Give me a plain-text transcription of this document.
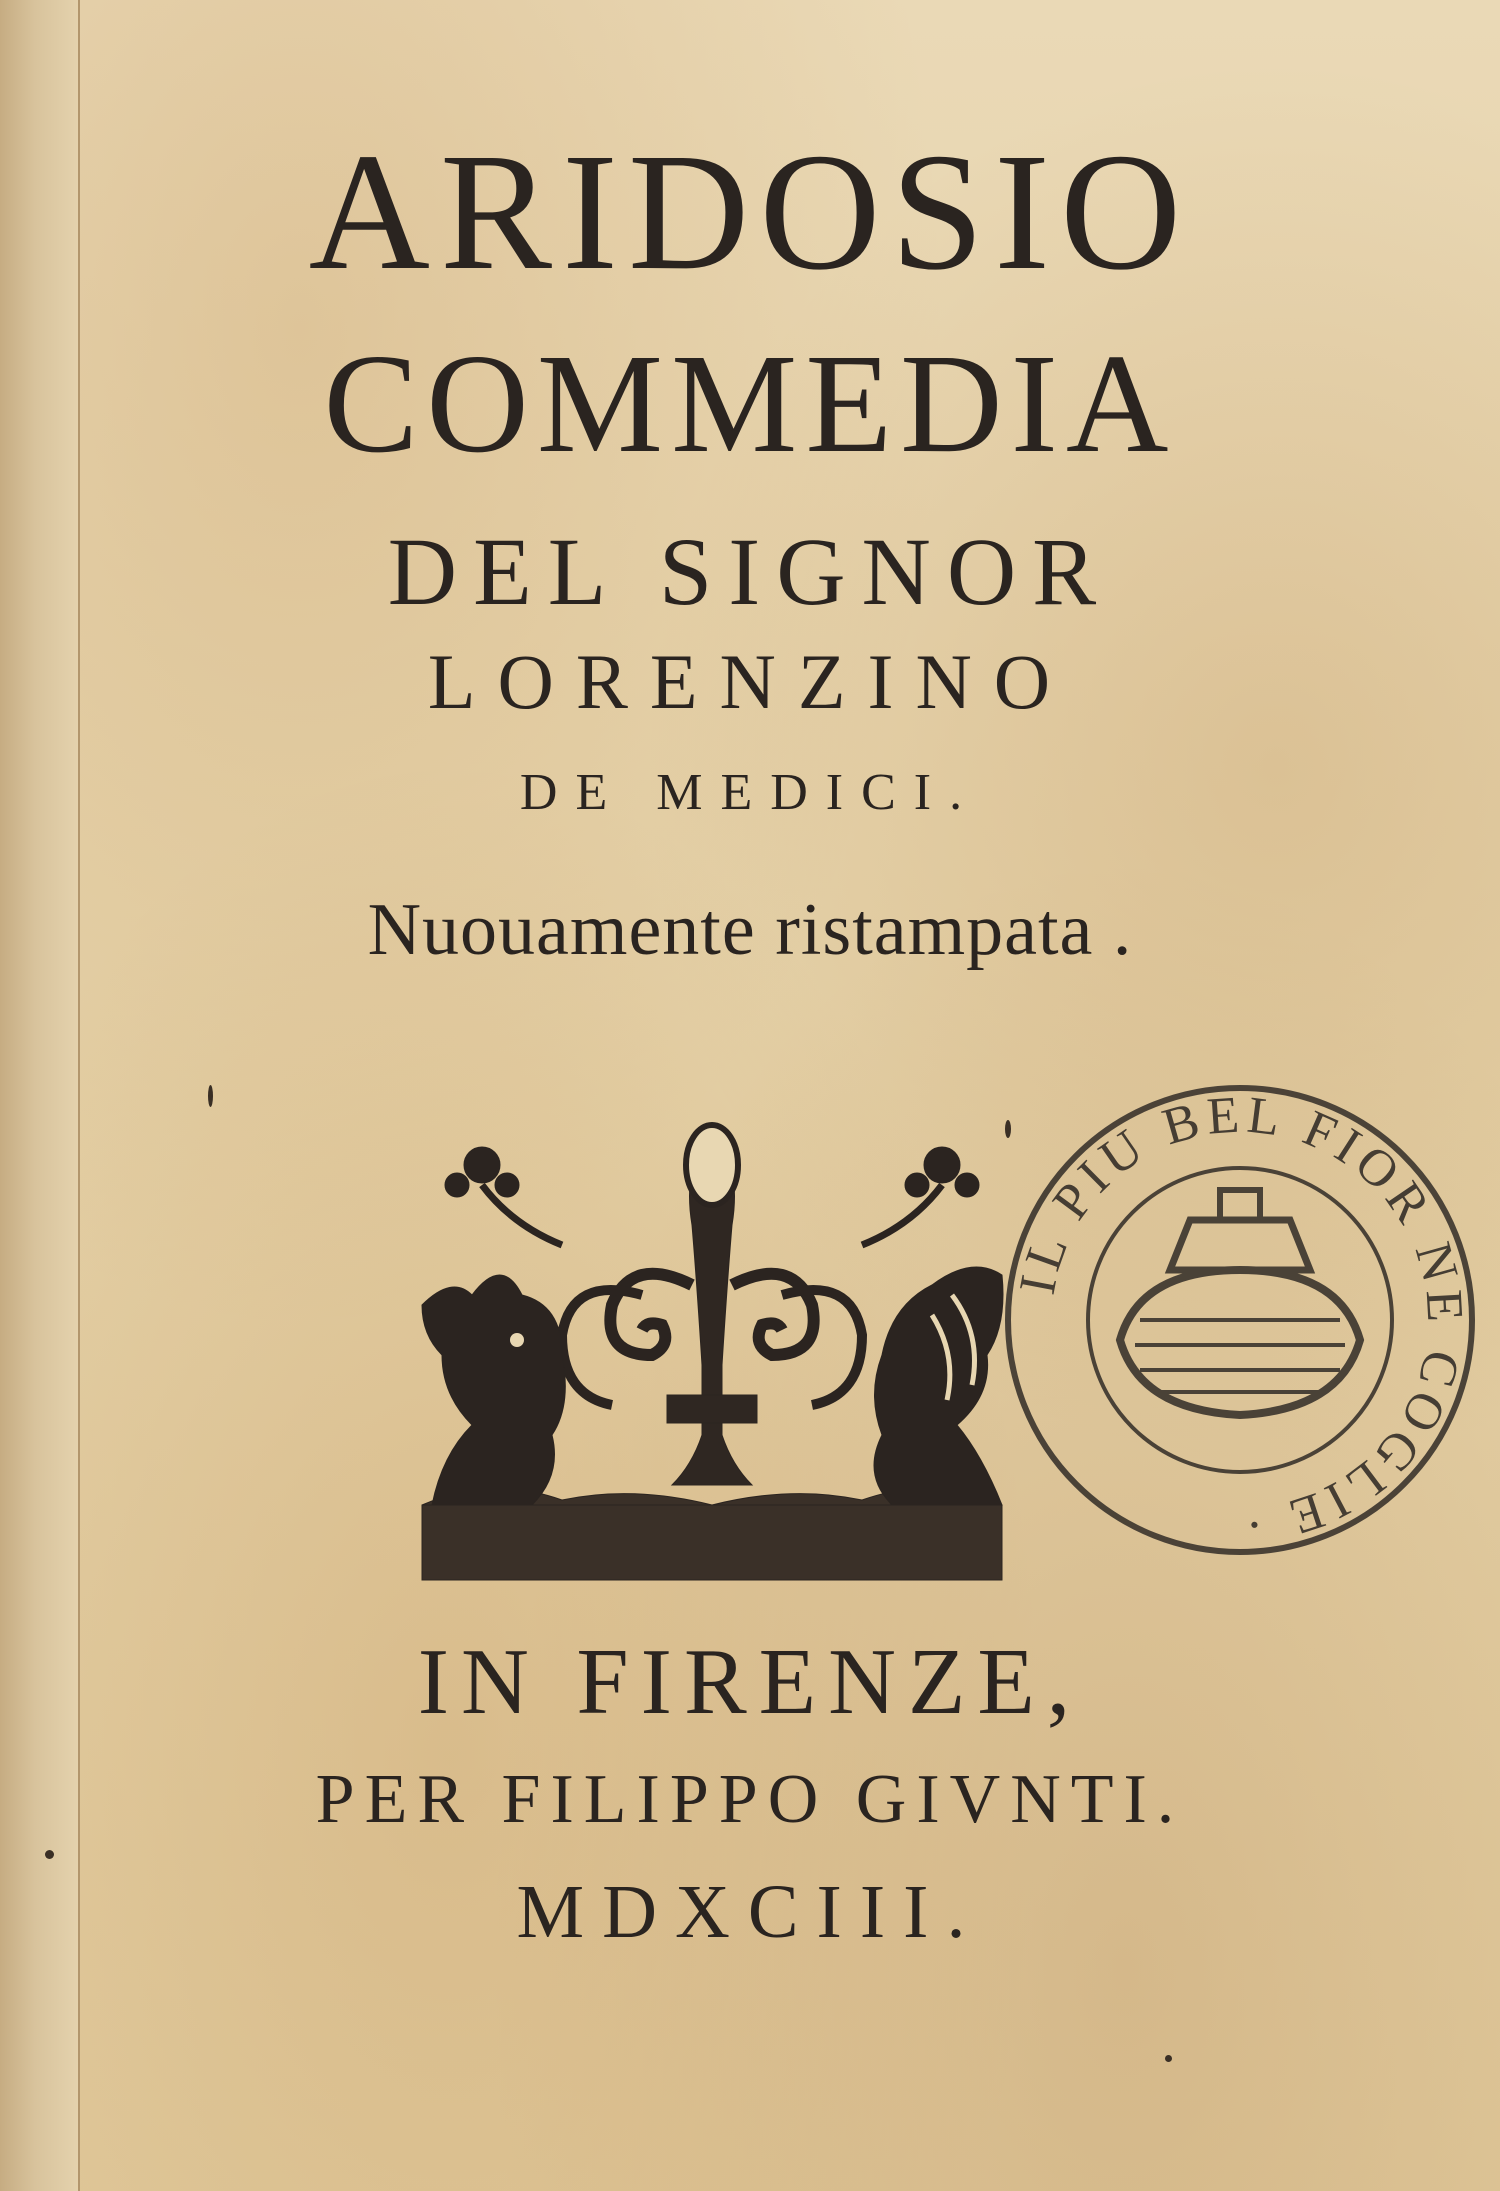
ARIDOSIO
COMMEDIA
DEL SIGNOR
LORENZINO
DE MEDICI.
Nuouamente ristampata .
IL PIU BEL FIOR NE COGLIE ·
IN FIRENZE,
PER FILIPPO GIVNTI.
MDXCIII.
